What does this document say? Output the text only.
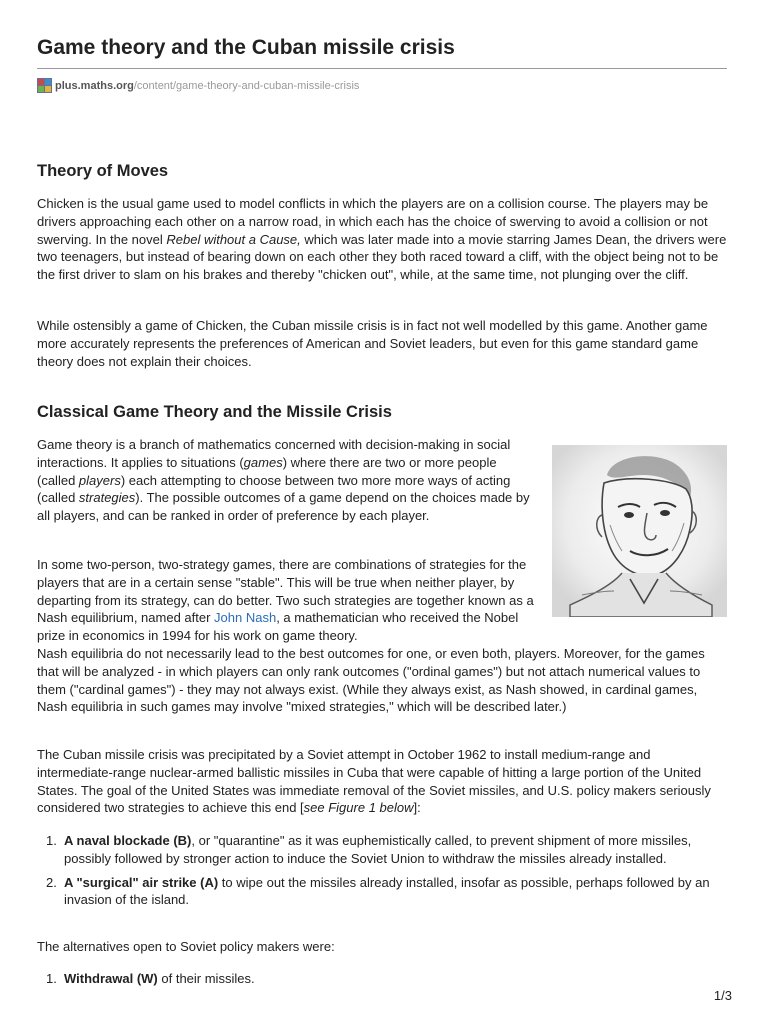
Game theory and the Cuban missile crisis
plus.maths.org /content/game-theory-and-cuban-missile-crisis
Theory of Moves

Chicken is the usual game used to model conflicts in which the players are on a collision course. The players may be drivers approaching each other on a narrow road, in which each has the choice of swerving to avoid a collision or not swerving. In the novel Rebel without a Cause, which was later made into a movie starring James Dean, the drivers were two teenagers, but instead of bearing down on each other they both raced toward a cliff, with the object being not to be the first driver to slam on his brakes and thereby "chicken out", while, at the same time, not plunging over the cliff.

While ostensibly a game of Chicken, the Cuban missile crisis is in fact not well modelled by this game. Another game more accurately represents the preferences of American and Soviet leaders, but even for this game standard game theory does not explain their choices.

Classical Game Theory and the Missile Crisis

Game theory is a branch of mathematics concerned with decision-making in social interactions. It applies to situations (games) where there are two or more people (called players) each attempting to choose between two more more ways of acting (called strategies). The possible outcomes of a game depend on the choices made by all players, and can be ranked in order of preference by each player.

In some two-person, two-strategy games, there are combinations of strategies for the players that are in a certain sense "stable". This will be true when neither player, by departing from its strategy, can do better. Two such strategies are together known as a Nash equilibrium, named after John Nash, a mathematician who received the Nobel prize in economics in 1994 for his work on game theory.

Nash equilibria do not necessarily lead to the best outcomes for one, or even both, players. Moreover, for the games that will be analyzed - in which players can only rank outcomes ("ordinal games") but not attach numerical values to them ("cardinal games") - they may not always exist. (While they always exist, as Nash showed, in cardinal games, Nash equilibria in such games may involve "mixed strategies," which will be described later.)

The Cuban missile crisis was precipitated by a Soviet attempt in October 1962 to install medium-range and intermediate-range nuclear-armed ballistic missiles in Cuba that were capable of hitting a large portion of the United States. The goal of the United States was immediate removal of the Soviet missiles, and U.S. policy makers seriously considered two strategies to achieve this end [see Figure 1 below]:

1. A naval blockade (B), or "quarantine" as it was euphemistically called, to prevent shipment of more missiles, possibly followed by stronger action to induce the Soviet Union to withdraw the missiles already installed.
2. A "surgical" air strike (A) to wipe out the missiles already installed, insofar as possible, perhaps followed by an invasion of the island.

The alternatives open to Soviet policy makers were:

1. Withdrawal (W) of their missiles.
1/3
